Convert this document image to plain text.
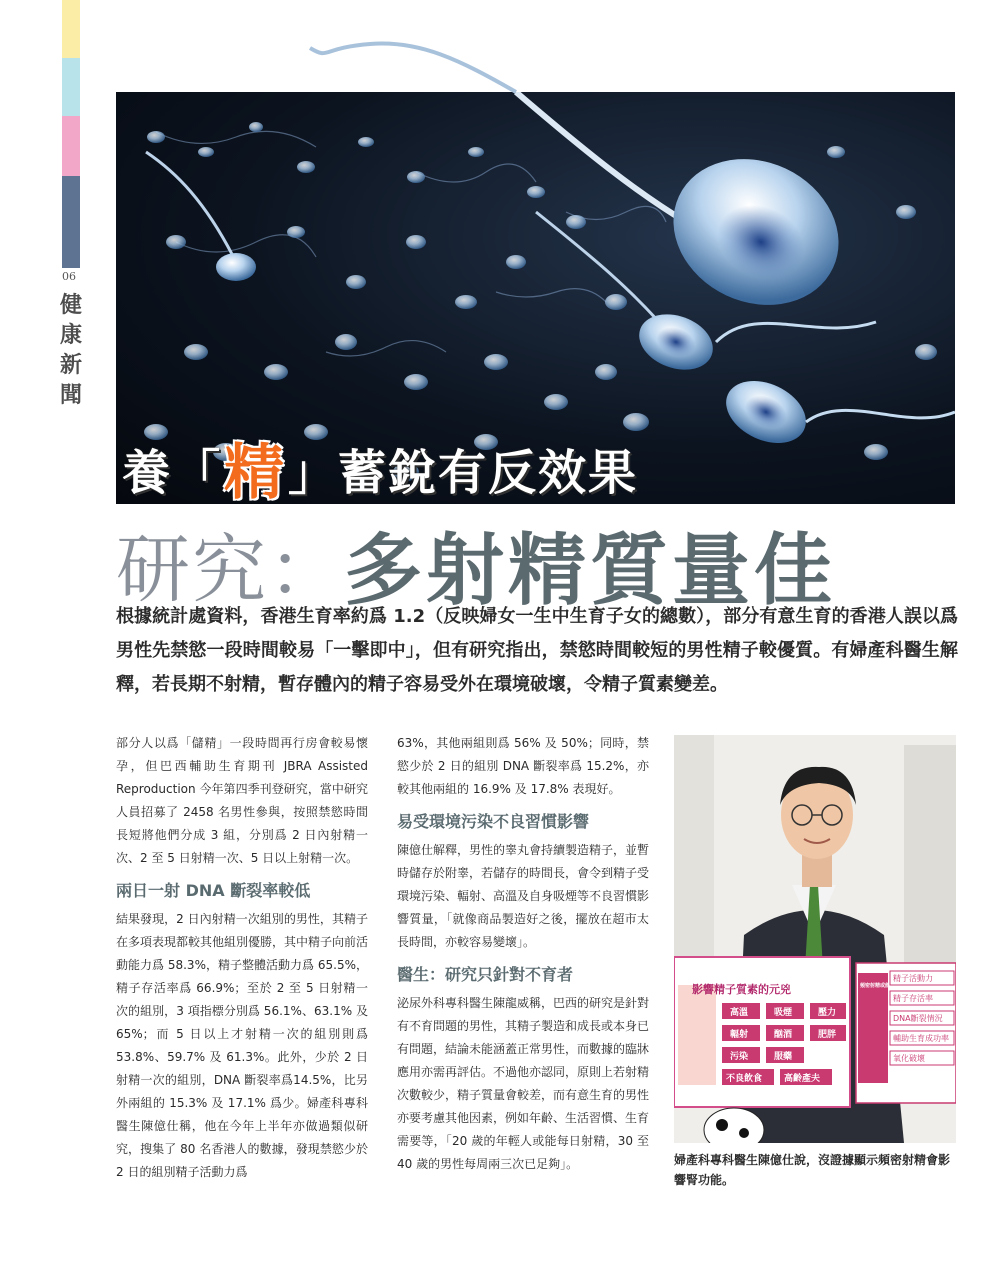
06
健康新聞
養「 精 」蓄銳有反效果
研究： 多射精質量佳

根據統計處資料，香港生育率約爲 1.2（反映婦女一生中生育子女的總數），部分有意生育的香港人誤以爲男性先禁慾一段時間較易「一擊即中」，但有研究指出，禁慾時間較短的男性精子較優質。有婦產科醫生解釋，若長期不射精，暫存體內的精子容易受外在環境破壞，令精子質素變差。

部分人以爲「儲精」一段時間再行房會較易懷孕，但巴西輔助生育期刊 JBRA Assisted Reproduction 今年第四季刊登研究，當中研究人員招募了 2458 名男性參與，按照禁慾時間長短將他們分成 3 組，分別爲 2 日內射精一次、2 至 5 日射精一次、5 日以上射精一次。

兩日一射 DNA 斷裂率較低

結果發現，2 日內射精一次組別的男性，其精子在多項表現都較其他組別優勝，其中精子向前活動能力爲 58.3%，精子整體活動力爲 65.5%，精子存活率爲 66.9%；至於 2 至 5 日射精一次的組別，3 項指標分別爲 56.1%、63.1% 及 65%；而 5 日以上才射精一次的組別則爲 53.8%、59.7% 及 61.3%。此外，少於 2 日射精一次的組別，DNA 斷裂率爲14.5%，比另外兩組的 15.3% 及 17.1% 爲少。婦產科專科醫生陳億仕稱，他在今年上半年亦做過類似研究，搜集了 80 名香港人的數據，發現禁慾少於 2 日的組別精子活動力爲

63%，其他兩組則爲 56% 及 50%；同時，禁慾少於 2 日的組別 DNA 斷裂率爲 15.2%，亦較其他兩組的 16.9% 及 17.8% 表現好。

易受環境污染不良習慣影響

陳億仕解釋，男性的睾丸會持續製造精子，並暫時儲存於附睾，若儲存的時間長，會令到精子受環境污染、輻射、高溫及自身吸煙等不良習慣影響質量，「就像商品製造好之後，擺放在超市太長時間，亦較容易變壞」。

醫生：研究只針對不育者

泌尿外科專科醫生陳龍威稱，巴西的研究是針對有不育問題的男性，其精子製造和成長或本身已有問題，結論未能涵蓋正常男性，而數據的臨牀應用亦需再評估。不過他亦認同，原則上若射精次數較少，精子質量會較差，而有意生育的男性亦要考慮其他因素，例如年齡、生活習慣、生育需要等，「20 歲的年輕人或能每日射精，30 至 40 歲的男性每周兩三次已足夠」。

影響精子質素的元兇
高溫	吸煙	壓力
輻射	酗酒	肥胖
污染	服藥
不良飲食 高齡產夫
頻密射精或能元素組合
精子活動力
精子存活率
DNA斷裂情況
輔助生育成功率
氧化破壞

婦產科專科醫生陳億仕說，沒證據顯示頻密射精會影響腎功能。
